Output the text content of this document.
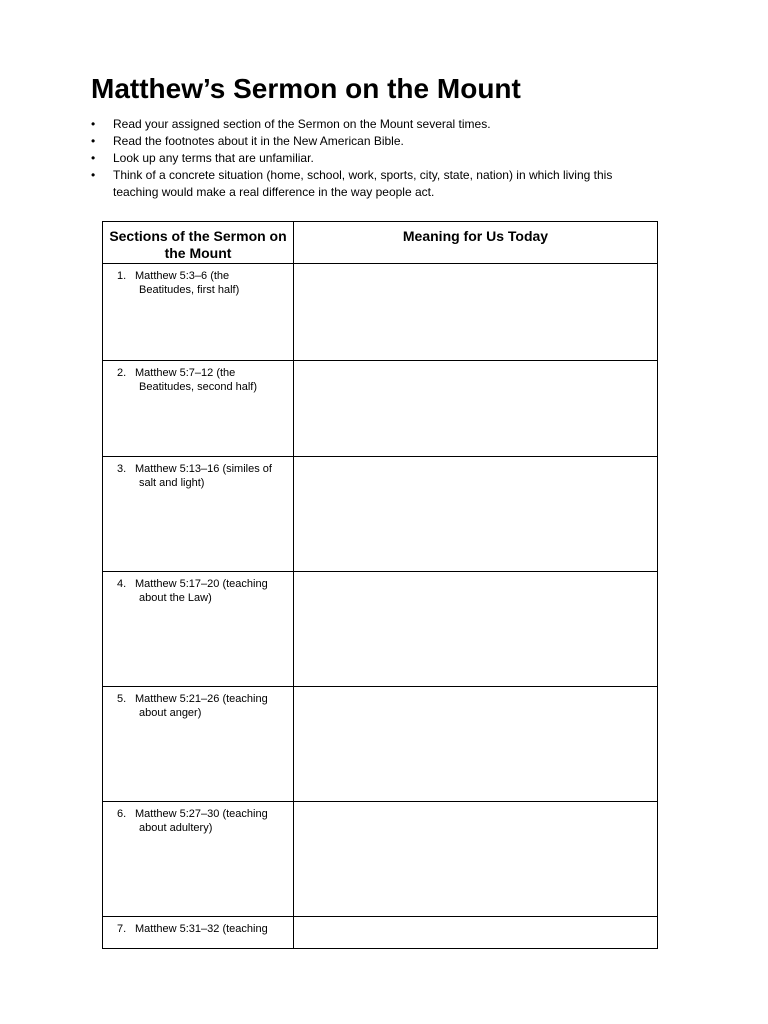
Matthew’s Sermon on the Mount
• Read your assigned section of the Sermon on the Mount several times.
• Read the footnotes about it in the New American Bible.
• Look up any terms that are unfamiliar.
• Think of a concrete situation (home, school, work, sports, city, state, nation) in which living this teaching would make a real difference in the way people act.
Sections of the Sermon on the Mount	Meaning for Us Today

1. Matthew 5:3–6 (the
Beatitudes, first half)	

2. Matthew 5:7–12 (the
Beatitudes, second half)	

3. Matthew 5:13–16 (similes of
salt and light)	

4. Matthew 5:17–20 (teaching
about the Law)	

5. Matthew 5:21–26 (teaching
about anger)	

6. Matthew 5:27–30 (teaching
about adultery)	

7. Matthew 5:31–32 (teaching	
